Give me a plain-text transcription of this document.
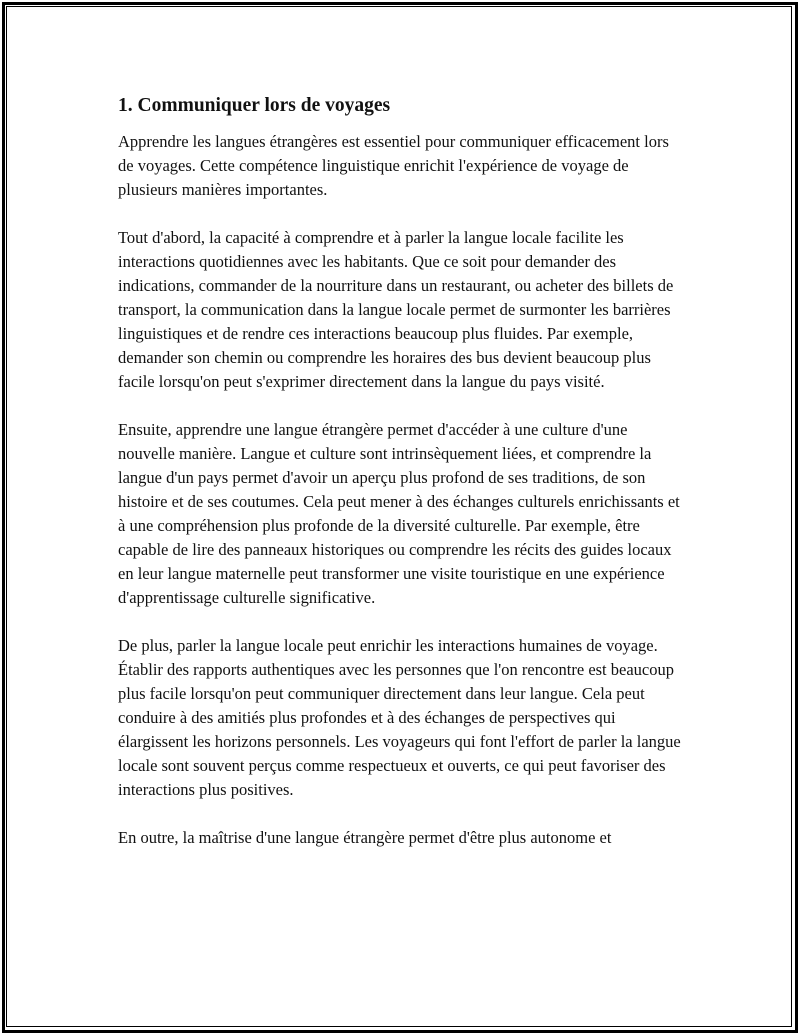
1. Communiquer lors de voyages

Apprendre les langues étrangères est essentiel pour communiquer efficacement lors de voyages. Cette compétence linguistique enrichit l'expérience de voyage de plusieurs manières importantes.

Tout d'abord, la capacité à comprendre et à parler la langue locale facilite les interactions quotidiennes avec les habitants. Que ce soit pour demander des indications, commander de la nourriture dans un restaurant, ou acheter des billets de transport, la communication dans la langue locale permet de surmonter les barrières linguistiques et de rendre ces interactions beaucoup plus fluides. Par exemple, demander son chemin ou comprendre les horaires des bus devient beaucoup plus facile lorsqu'on peut s'exprimer directement dans la langue du pays visité.

Ensuite, apprendre une langue étrangère permet d'accéder à une culture d'une nouvelle manière. Langue et culture sont intrinsèquement liées, et comprendre la langue d'un pays permet d'avoir un aperçu plus profond de ses traditions, de son histoire et de ses coutumes. Cela peut mener à des échanges culturels enrichissants et à une compréhension plus profonde de la diversité culturelle. Par exemple, être capable de lire des panneaux historiques ou comprendre les récits des guides locaux en leur langue maternelle peut transformer une visite touristique en une expérience d'apprentissage culturelle significative.

De plus, parler la langue locale peut enrichir les interactions humaines de voyage. Établir des rapports authentiques avec les personnes que l'on rencontre est beaucoup plus facile lorsqu'on peut communiquer directement dans leur langue. Cela peut conduire à des amitiés plus profondes et à des échanges de perspectives qui élargissent les horizons personnels. Les voyageurs qui font l'effort de parler la langue locale sont souvent perçus comme respectueux et ouverts, ce qui peut favoriser des interactions plus positives.

En outre, la maîtrise d'une langue étrangère permet d'être plus autonome et
